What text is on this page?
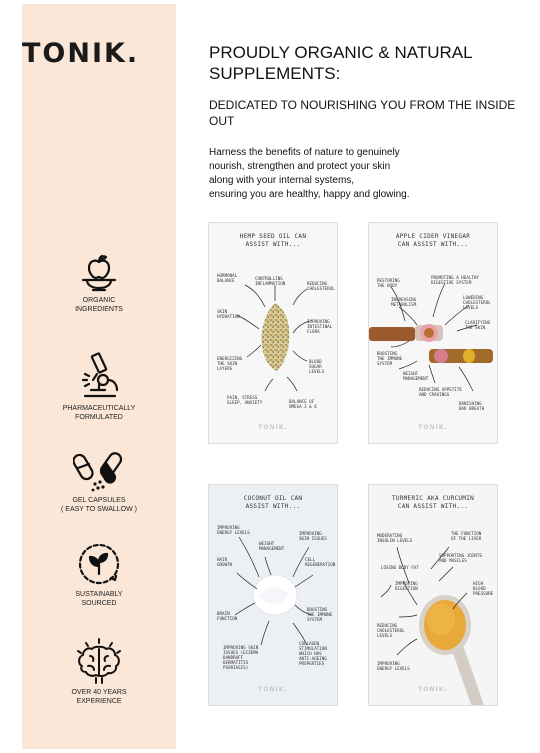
TONIK.
ORGANIC
INGREDIENTS
PHARMACEUTICALLY
FORMULATED
GEL CAPSULES
( EASY TO SWALLOW )
SUSTAINABLY
SOURCED
OVER 40 YEARS
EXPERIENCE
PROUDLY ORGANIC & NATURAL SUPPLEMENTS:
DEDICATED TO NOURISHING YOU FROM THE INSIDE OUT
Harness the benefits of nature to genuinely
nourish, strengthen and protect your skin
along with your internal systems,
ensuring you are healthy, happy and glowing.
HEMP SEED OIL CAN
ASSIST WITH...
HORMONAL
BALANCE	CONTROLLING
INFLAMMATION	REDUCING
CHOLESTEROL
SKIN
HYDRATION
IMPROVING
INTESTINAL
FLORA
ENERGIZING
THE SKIN
LAYERS
BLOOD
SUGAR
LEVELS
PAIN, STRESS
SLEEP, ANXIETY	BALANCE OF
OMEGA 3 & 6
TONIK.
APPLE CIDER VINEGAR
CAN ASSIST WITH...
RESTORING
THE BODY
PROMOTING A HEALTHY
DIGESTIVE SYSTEM
INCREASING
METABOLISM
LOWERING
CHOLESTEROL
LEVELS
CLARIFYING
THE SKIN
BOOSTING
THE IMMUNE
SYSTEM
WEIGHT
MANAGEMENT
REDUCING APPETITE
AND CRAVINGS
BANISHING
BAD BREATH
TONIK.
COCONUT OIL CAN
ASSIST WITH...
IMPROVING
ENERGY LEVELS	IMPROVING
SKIN ISSUES
WEIGHT
MANAGEMENT
HAIR
GROWTH
CELL
REGENERATION
BRAIN
FUNCTION
BOOSTING
THE IMMUNE
SYSTEM
IMPROVING SKIN
ISSUES (ECZEMA
DANDRUFF
DERMATITIS
PSORIASIS)
COLLAGEN
STIMULATION
WHICH HAS
ANTI-AGEING
PROPERTIES
TONIK.
TURMERIC AKA CURCUMIN
CAN ASSIST WITH...
MODERATING
INSULIN LEVELS
THE FUNCTION
OF THE LIVER
SUPPORTING JOINTS
AND MUSCLES
LOSING BODY FAT
IMPROVING
DIGESTION
HIGH
BLOOD
PRESSURE
REDUCING
CHOLESTEROL
LEVELS
IMPROVING
ENERGY LEVELS
TONIK.
